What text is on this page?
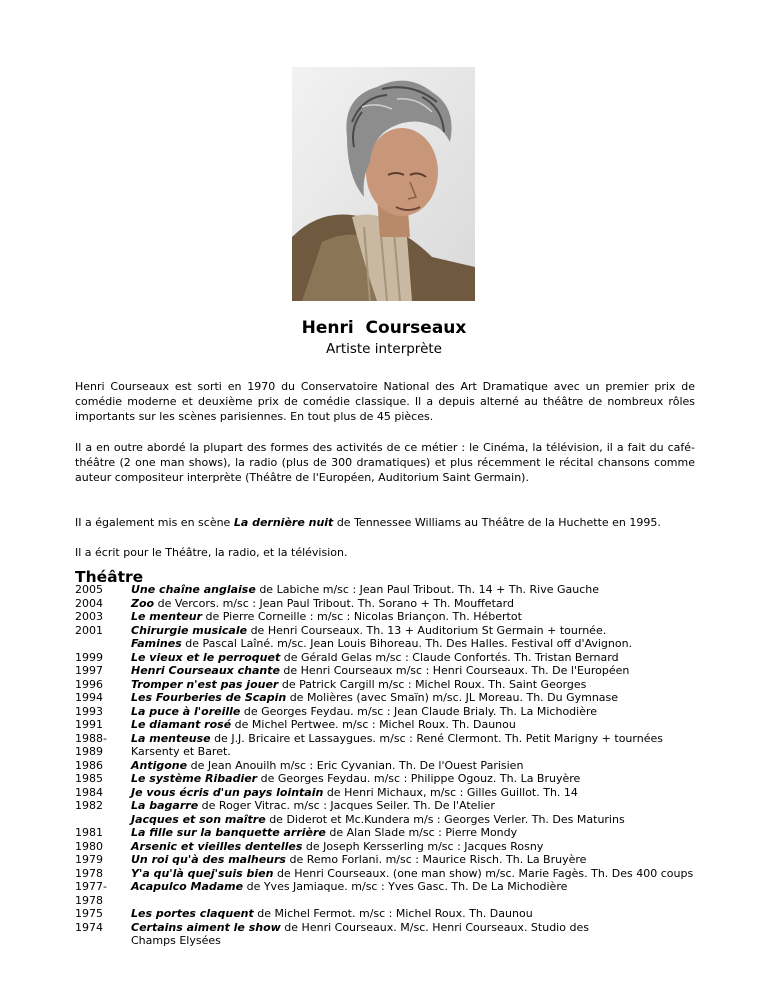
Henri  Courseaux
Artiste interprète

Henri Courseaux est sorti en 1970 du Conservatoire National des Art Dramatique avec un premier prix de comédie moderne et deuxième prix de comédie classique. Il a depuis alterné au théâtre de nombreux rôles importants sur les scènes parisiennes. En tout plus de 45 pièces.

Il a en outre abordé la plupart des formes des activités de ce métier : le Cinéma, la télévision, il a fait du café-théâtre (2 one man shows), la radio (plus de 300 dramatiques) et plus récemment le récital chansons comme auteur compositeur interprète (Théâtre de l'Européen, Auditorium Saint Germain).

II a également mis en scène La dernière nuit de Tennessee Williams au Théâtre de la Huchette en 1995.

Il a écrit pour le Théâtre, la radio, et la télévision.

Théâtre
2005	Une chaîne anglaise de Labiche m/sc : Jean Paul Tribout. Th. 14 + Th. Rive Gauche
2004	Zoo de Vercors. m/sc : Jean Paul Tribout. Th. Sorano + Th. Mouffetard
2003	Le menteur de Pierre Corneille : m/sc : Nicolas Briançon. Th. Hébertot
2001	Chirurgie musicale de Henri Courseaux. Th. 13 + Auditorium St Germain + tournée.
Famines de Pascal Laîné. m/sc. Jean Louis Bihoreau. Th. Des Halles. Festival off d'Avignon.
1999	Le vieux et le perroquet de Gérald Gelas m/sc : Claude Confortés. Th. Tristan Bernard
1997	Henri Courseaux chante de Henri Courseaux m/sc : Henri Courseaux. Th. De l'Européen
1996	Tromper n'est pas jouer de Patrick Cargill m/sc : Michel Roux. Th. Saint Georges
1994	Les Fourberies de Scapin de Molières (avec Smaïn) m/sc. JL Moreau. Th. Du Gymnase
1993	La puce à l'oreille de Georges Feydau. m/sc : Jean Claude Brialy. Th. La Michodière
1991	Le diamant rosé de Michel Pertwee. m/sc : Michel Roux. Th. Daunou
1988-	La menteuse de J.J. Bricaire et Lassaygues. m/sc : René Clermont. Th. Petit Marigny + tournées
1989	Karsenty et Baret.
1986	Antigone de Jean Anouilh m/sc : Eric Cyvanian. Th. De l'Ouest Parisien
1985	Le système Ribadier de Georges Feydau. m/sc : Philippe Ogouz. Th. La Bruyère
1984	Je vous écris d'un pays lointain de Henri Michaux, m/sc : Gilles Guillot. Th. 14
1982	La bagarre de Roger Vitrac. m/sc : Jacques Seiler. Th. De l'Atelier
Jacques et son maître de Diderot et Mc.Kundera m/s : Georges Verler. Th. Des Maturins
1981	La fille sur la banquette arrière de Alan Slade m/sc : Pierre Mondy
1980	Arsenic et vieilles dentelles de Joseph Kersserling m/sc : Jacques Rosny
1979	Un roi qu'à des malheurs de Remo Forlani. m/sc : Maurice Risch. Th. La Bruyère
1978	Y'a qu'là quej'suis bien de Henri Courseaux. (one man show) m/sc. Marie Fagès. Th. Des 400 coups
1977-	Acapulco Madame de Yves Jamiaque. m/sc : Yves Gasc. Th. De La Michodière
1978
1975	Les portes claquent de Michel Fermot. m/sc : Michel Roux. Th. Daunou
1974	Certains aiment le show de Henri Courseaux. M/sc. Henri Courseaux. Studio des
Champs Elysées
